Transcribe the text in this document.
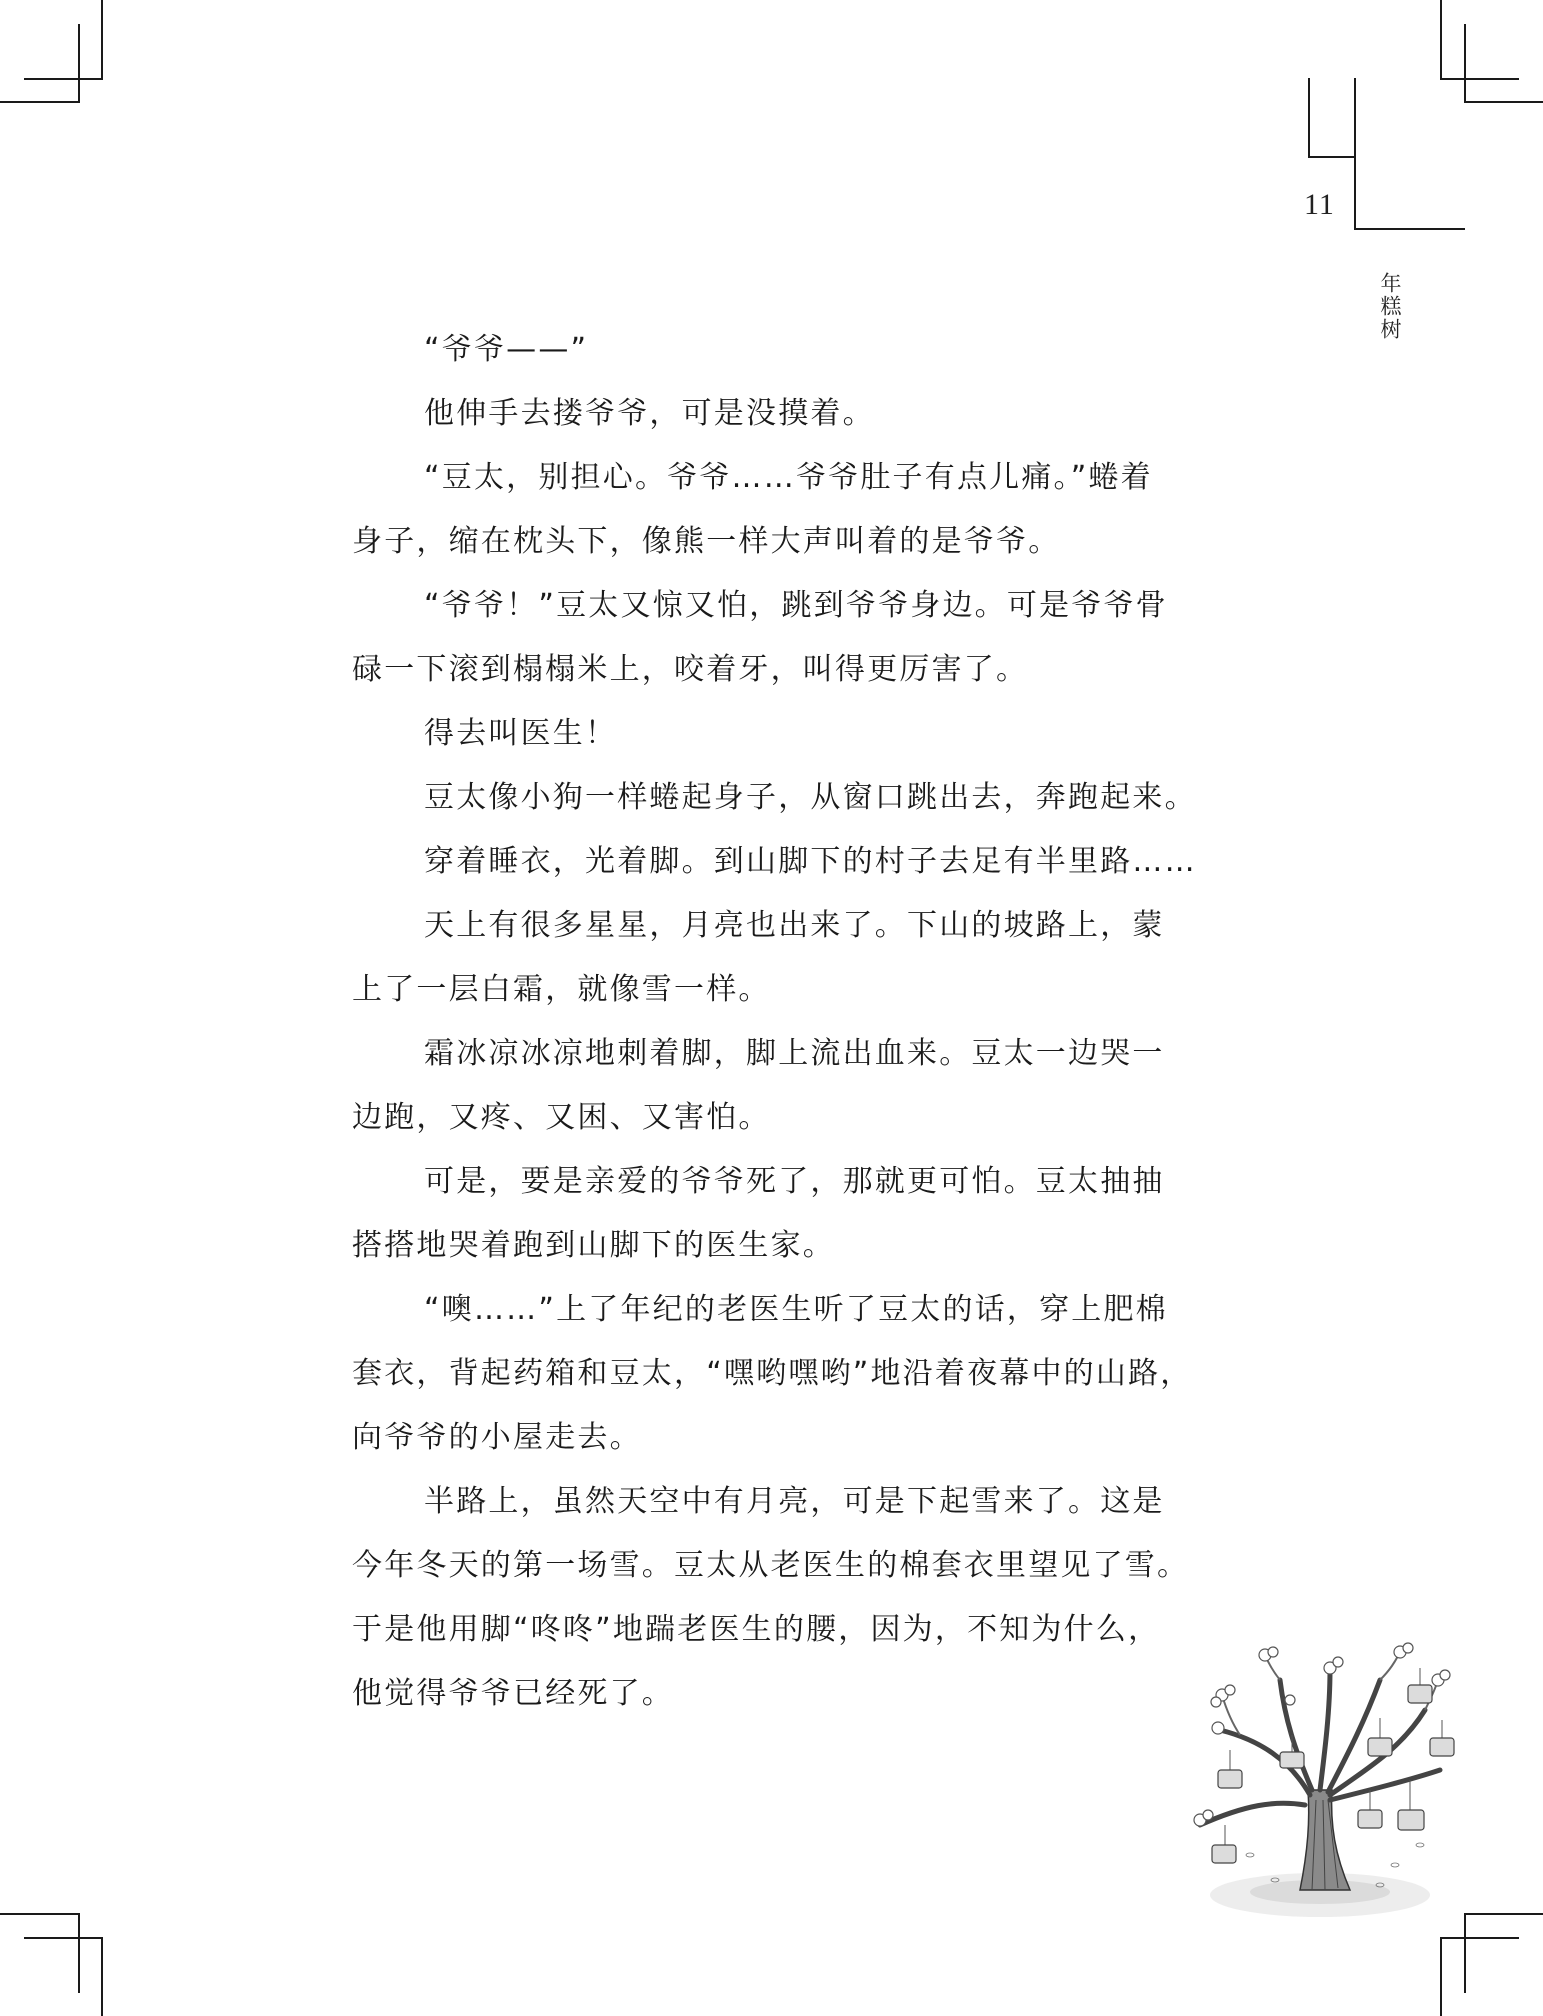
11
年糕树
“爷爷——”
他伸手去搂爷爷，可是没摸着。
“豆太，别担心。爷爷……爷爷肚子有点儿痛。”蜷着
身子，缩在枕头下，像熊一样大声叫着的是爷爷。
“爷爷！”豆太又惊又怕，跳到爷爷身边。可是爷爷骨
碌一下滚到榻榻米上，咬着牙，叫得更厉害了。
得去叫医生！
豆太像小狗一样蜷起身子，从窗口跳出去，奔跑起来。
穿着睡衣，光着脚。到山脚下的村子去足有半里路……
天上有很多星星，月亮也出来了。下山的坡路上，蒙
上了一层白霜，就像雪一样。
霜冰凉冰凉地刺着脚，脚上流出血来。豆太一边哭一
边跑，又疼、又困、又害怕。
可是，要是亲爱的爷爷死了，那就更可怕。豆太抽抽
搭搭地哭着跑到山脚下的医生家。
“噢……”上了年纪的老医生听了豆太的话，穿上肥棉
套衣，背起药箱和豆太，“嘿哟嘿哟”地沿着夜幕中的山路，
向爷爷的小屋走去。
半路上，虽然天空中有月亮，可是下起雪来了。这是
今年冬天的第一场雪。豆太从老医生的棉套衣里望见了雪。
于是他用脚“咚咚”地踹老医生的腰，因为，不知为什么，
他觉得爷爷已经死了。
